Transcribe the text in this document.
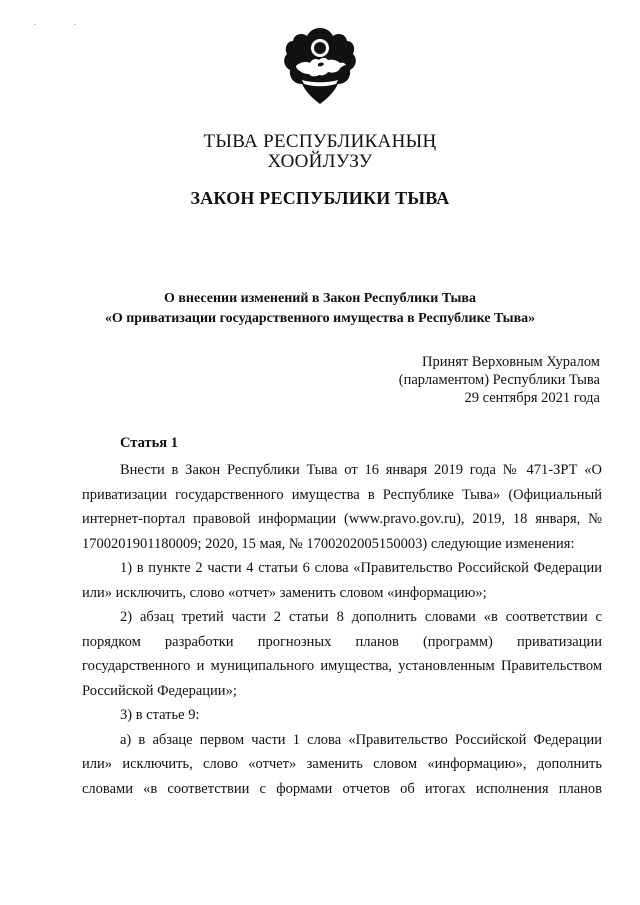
. .
ТЫВА РЕСПУБЛИКАНЫҢ
ХООЙЛУЗУ
ЗАКОН РЕСПУБЛИКИ ТЫВА
О внесении изменений в Закон Республики Тыва
«О приватизации государственного имущества в Республике Тыва»
Принят Верховным Хуралом
(парламентом) Республики Тыва
29 сентября 2021 года
Статья 1

Внести в Закон Республики Тыва от 16 января 2019 года № 471-ЗРТ «О приватизации государственного имущества в Республике Тыва» (Официальный интернет-портал правовой информации (www.pravo.gov.ru), 2019, 18 января, № 1700201901180009; 2020, 15 мая, № 1700202005150003) следующие изменения:

1) в пункте 2 части 4 статьи 6 слова «Правительство Российской Федерации или» исключить, слово «отчет» заменить словом «информацию»;

2) абзац третий части 2 статьи 8 дополнить словами «в соответствии с порядком разработки прогнозных планов (программ) приватизации государственного и муниципального имущества, установленным Правительством Российской Федерации»;

3) в статье 9:

а) в абзаце первом части 1 слова «Правительство Российской Федерации или» исключить, слово «отчет» заменить словом «информацию», дополнить словами «в соответствии с формами отчетов об итогах исполнения планов
